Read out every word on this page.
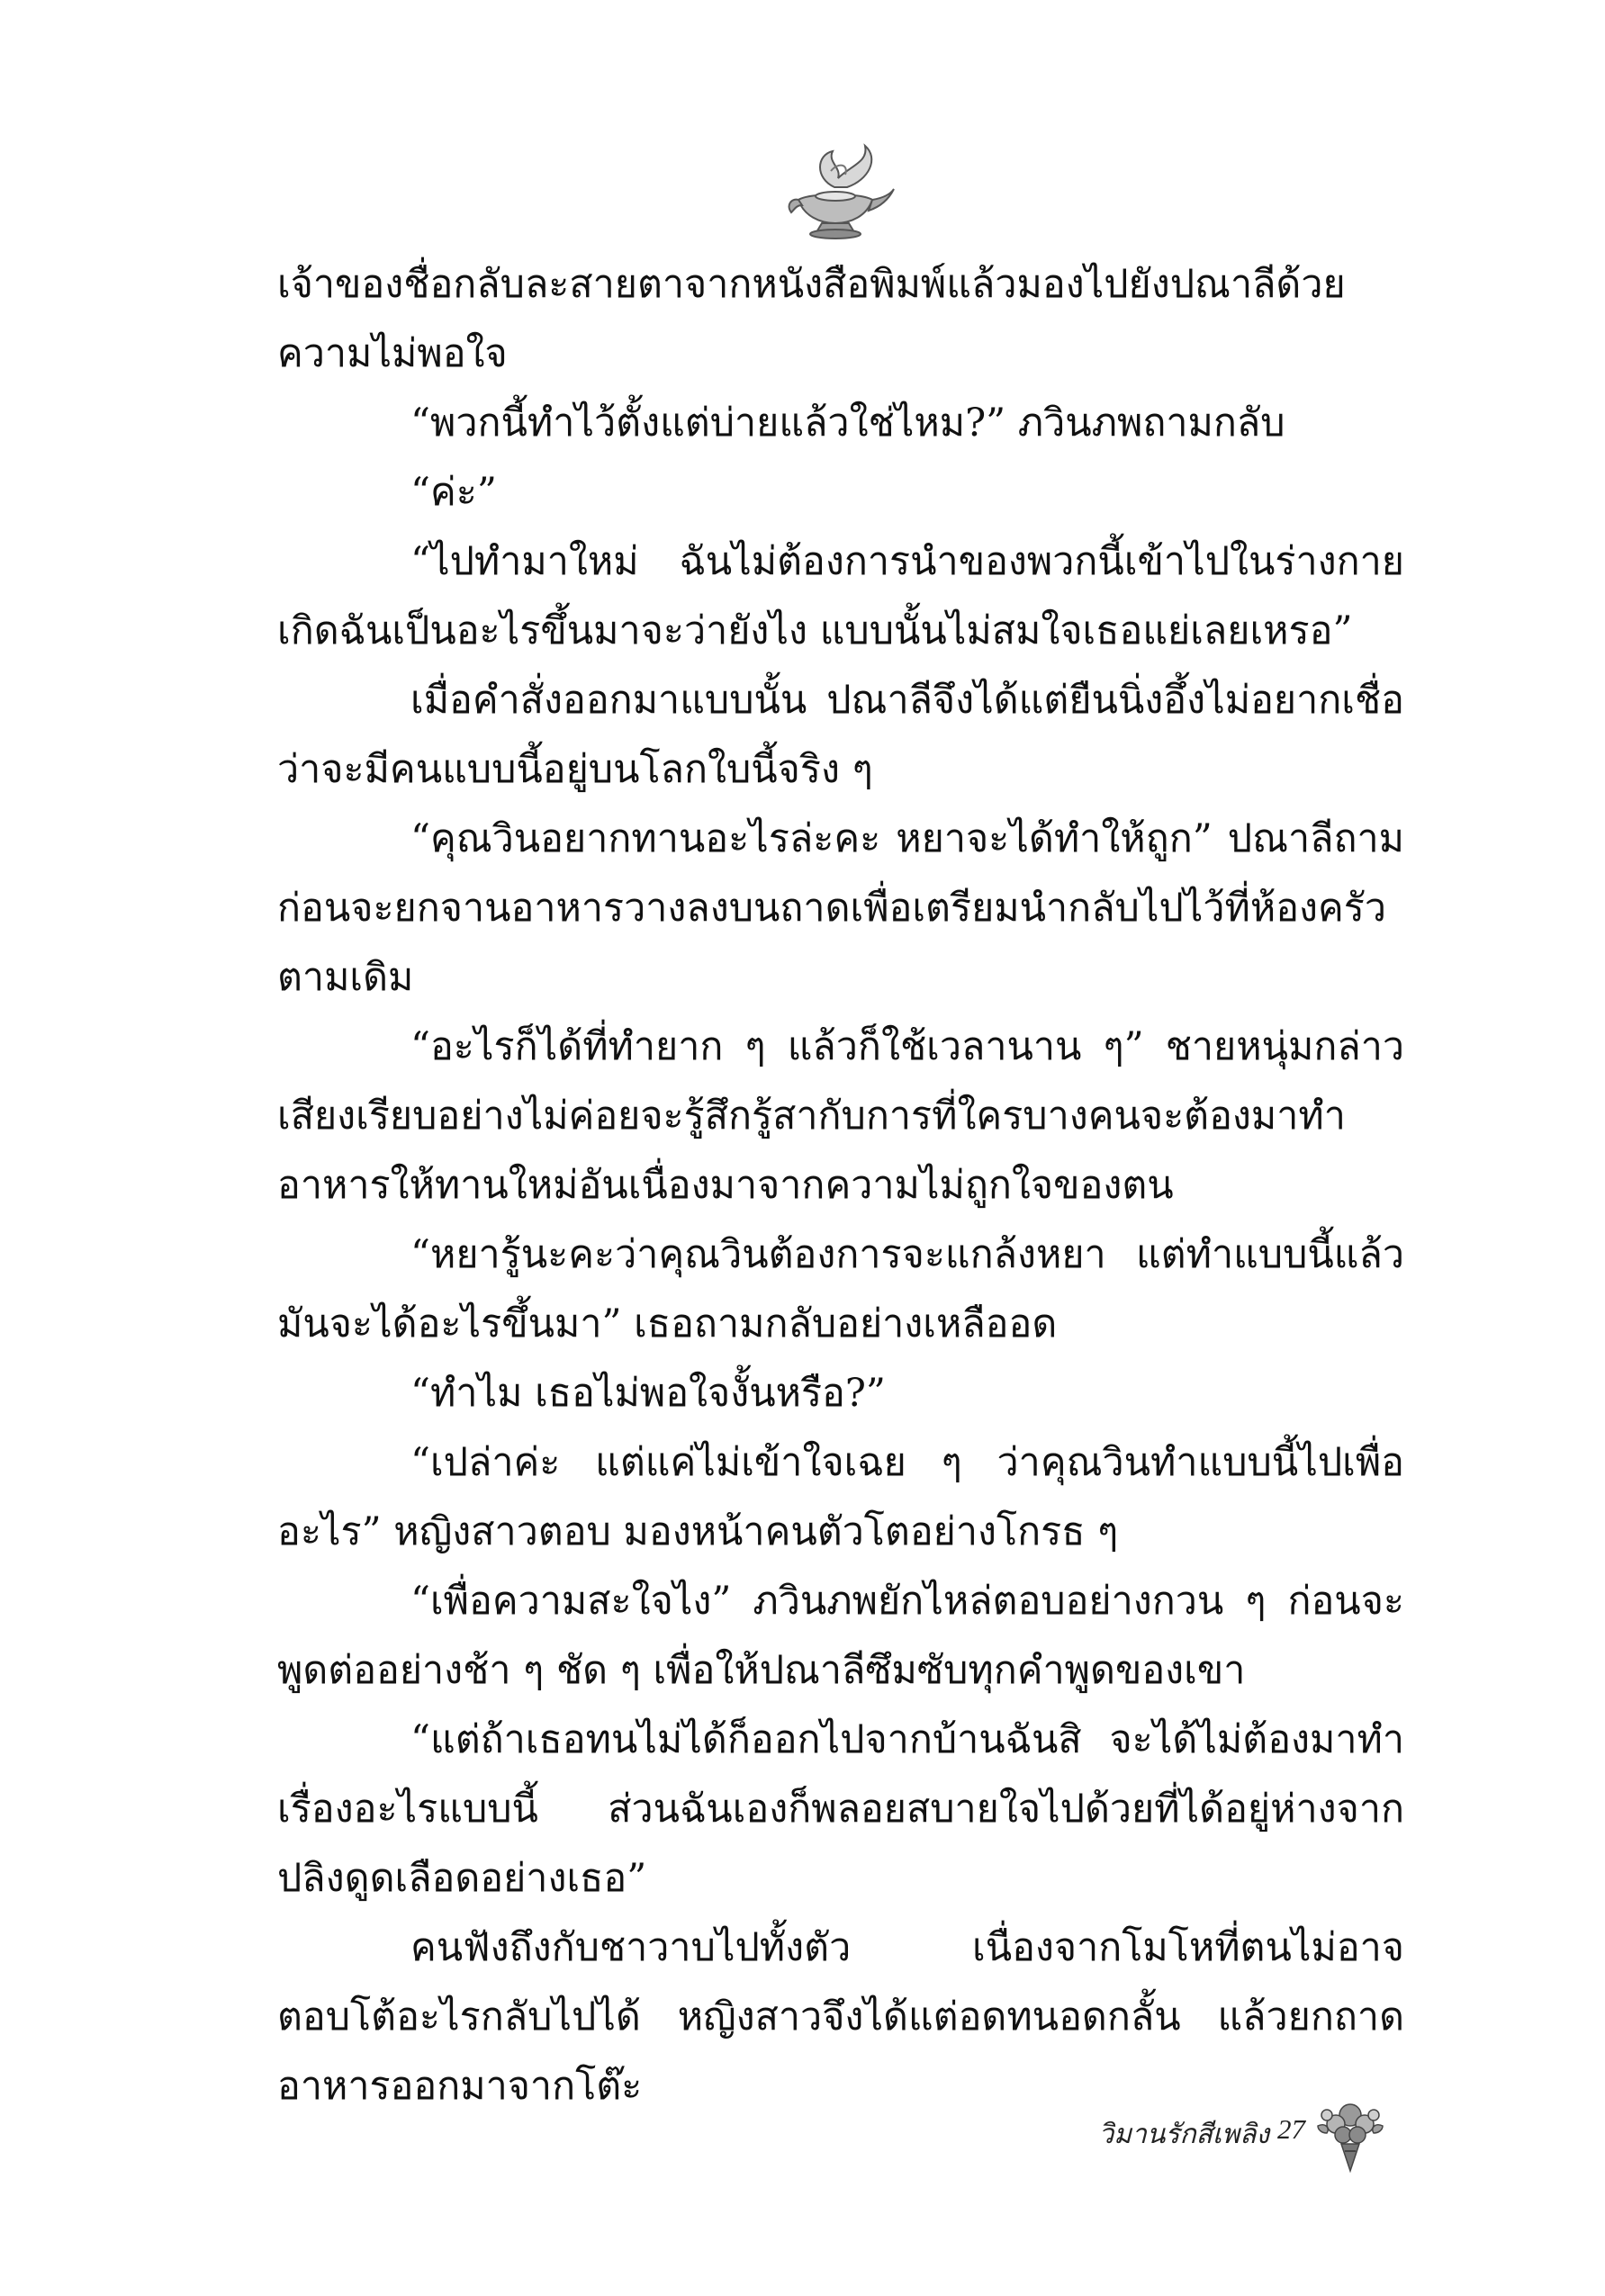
เจ้าของชื่อกลับละสายตาจากหนังสือพิมพ์แล้วมองไปยังปณาลีด้วยความไม่พอใจ

“พวกนี้ทำไว้ตั้งแต่บ่ายแล้วใช่ไหม?” ภวินภพถามกลับ

“ค่ะ”

“ไปทำมาใหม่ ฉันไม่ต้องการนำของพวกนี้เข้าไปในร่างกาย เกิดฉันเป็นอะไรขึ้นมาจะว่ายังไง แบบนั้นไม่สมใจเธอแย่เลยเหรอ”

เมื่อคำสั่งออกมาแบบนั้น ปณาลีจึงได้แต่ยืนนิ่งอึ้งไม่อยากเชื่อว่าจะมีคนแบบนี้อยู่บนโลกใบนี้จริง ๆ

“คุณวินอยากทานอะไรล่ะคะ หยาจะได้ทำให้ถูก” ปณาลีถาม ก่อนจะยกจานอาหารวางลงบนถาดเพื่อเตรียมนำกลับไปไว้ที่ห้องครัวตามเดิม

“อะไรก็ได้ที่ทำยาก ๆ แล้วก็ใช้เวลานาน ๆ” ชายหนุ่มกล่าวเสียงเรียบอย่างไม่ค่อยจะรู้สึกรู้สากับการที่ใครบางคนจะต้องมาทำอาหารให้ทานใหม่อันเนื่องมาจากความไม่ถูกใจของตน

“หยารู้นะคะว่าคุณวินต้องการจะแกล้งหยา แต่ทำแบบนี้แล้วมันจะได้อะไรขึ้นมา” เธอถามกลับอย่างเหลืออด

“ทำไม เธอไม่พอใจงั้นหรือ?”

“เปล่าค่ะ แต่แค่ไม่เข้าใจเฉย ๆ ว่าคุณวินทำแบบนี้ไปเพื่ออะไร” หญิงสาวตอบ มองหน้าคนตัวโตอย่างโกรธ ๆ

“เพื่อความสะใจไง” ภวินภพยักไหล่ตอบอย่างกวน ๆ ก่อนจะพูดต่ออย่างช้า ๆ ชัด ๆ เพื่อให้ปณาลีซึมซับทุกคำพูดของเขา

“แต่ถ้าเธอทนไม่ได้ก็ออกไปจากบ้านฉันสิ จะได้ไม่ต้องมาทำเรื่องอะไรแบบนี้ ส่วนฉันเองก็พลอยสบายใจไปด้วยที่ได้อยู่ห่างจากปลิงดูดเลือดอย่างเธอ”

คนฟังถึงกับชาวาบไปทั้งตัว เนื่องจากโมโหที่ตนไม่อาจตอบโต้อะไรกลับไปได้ หญิงสาวจึงได้แต่อดทนอดกลั้น แล้วยกถาดอาหารออกมาจากโต๊ะ

วิมานรักสีเพลิง 27
